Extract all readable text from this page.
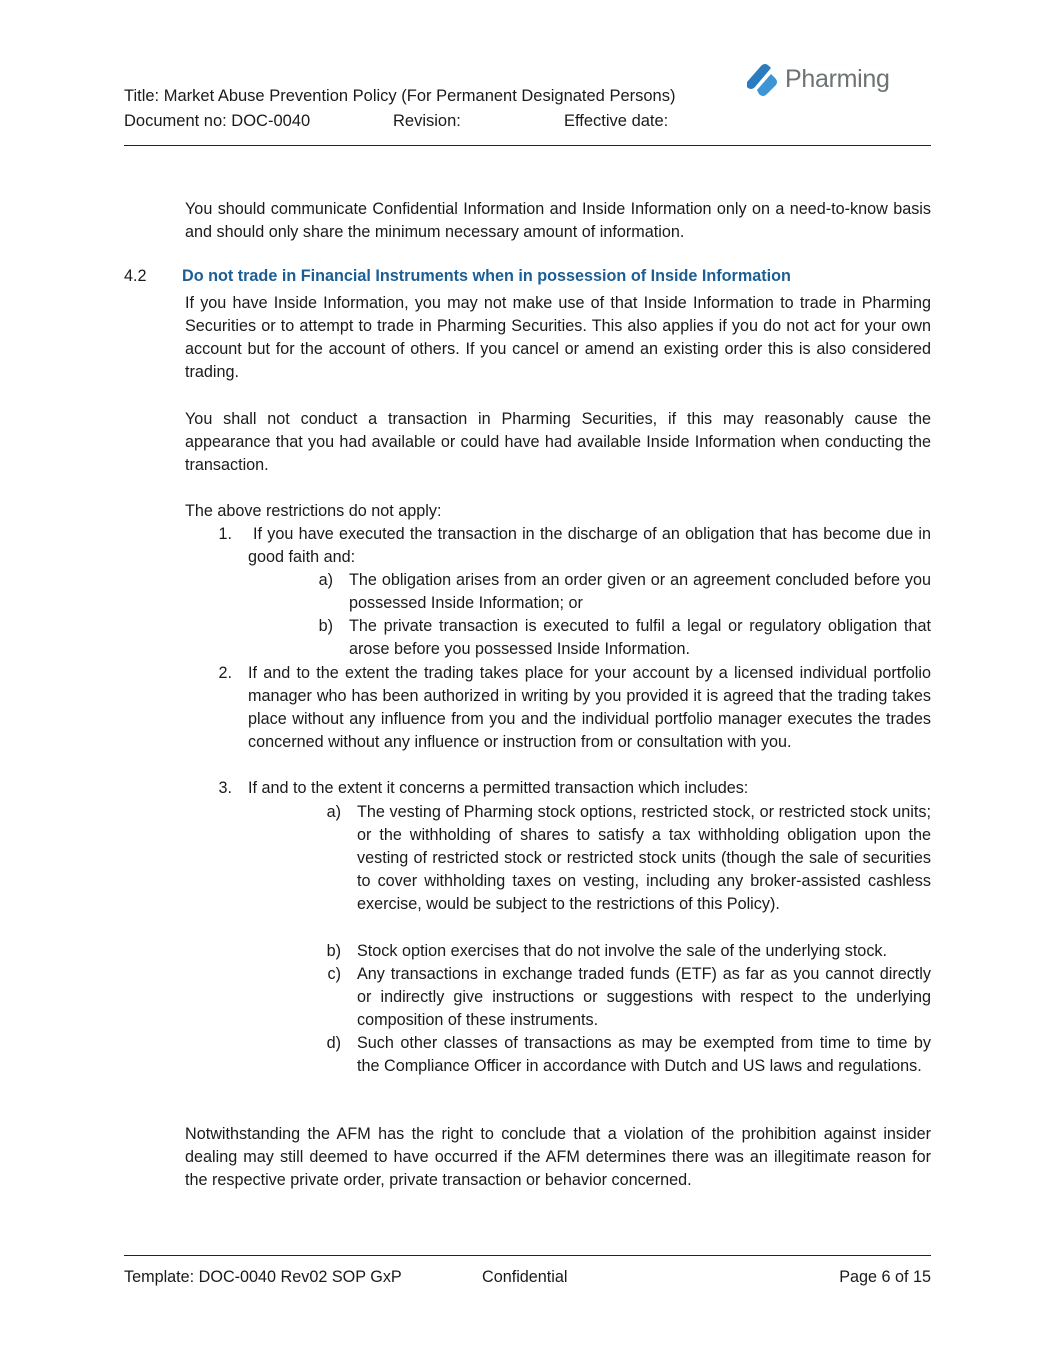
Title: Market Abuse Prevention Policy (For Permanent Designated Persons)
Document no: DOC-0040	Revision:	Effective date:
Pharming

You should communicate Confidential Information and Inside Information only on a need-to-know basis and should only share the minimum necessary amount of information.

4.2 Do not trade in Financial Instruments when in possession of Inside Information

If you have Inside Information, you may not make use of that Inside Information to trade in Pharming Securities or to attempt to trade in Pharming Securities. This also applies if you do not act for your own account but for the account of others. If you cancel or amend an existing order this is also considered trading.

You shall not conduct a transaction in Pharming Securities, if this may reasonably cause the appearance that you had available or could have had available Inside Information when conducting the transaction.

The above restrictions do not apply:
1.	If you have executed the transaction in the discharge of an obligation that has become due in good faith and:
a) The obligation arises from an order given or an agreement concluded before you possessed Inside Information; or
b) The private transaction is executed to fulfil a legal or regulatory obligation that arose before you possessed Inside Information.
2. If and to the extent the trading takes place for your account by a licensed individual portfolio manager who has been authorized in writing by you provided it is agreed that the trading takes place without any influence from you and the individual portfolio manager executes the trades concerned without any influence or instruction from or consultation with you.
3. If and to the extent it concerns a permitted transaction which includes:
a) The vesting of Pharming stock options, restricted stock, or restricted stock units; or the withholding of shares to satisfy a tax withholding obligation upon the vesting of restricted stock or restricted stock units (though the sale of securities to cover withholding taxes on vesting, including any broker-assisted cashless exercise, would be subject to the restrictions of this Policy).
b) Stock option exercises that do not involve the sale of the underlying stock.
c) Any transactions in exchange traded funds (ETF) as far as you cannot directly or indirectly give instructions or suggestions with respect to the underlying composition of these instruments.
d) Such other classes of transactions as may be exempted from time to time by the Compliance Officer in accordance with Dutch and US laws and regulations.

Notwithstanding the AFM has the right to conclude that a violation of the prohibition against insider dealing may still deemed to have occurred if the AFM determines there was an illegitimate reason for the respective private order, private transaction or behavior concerned.

Template: DOC-0040 Rev02 SOP GxP	Confidential	Page 6 of 15
